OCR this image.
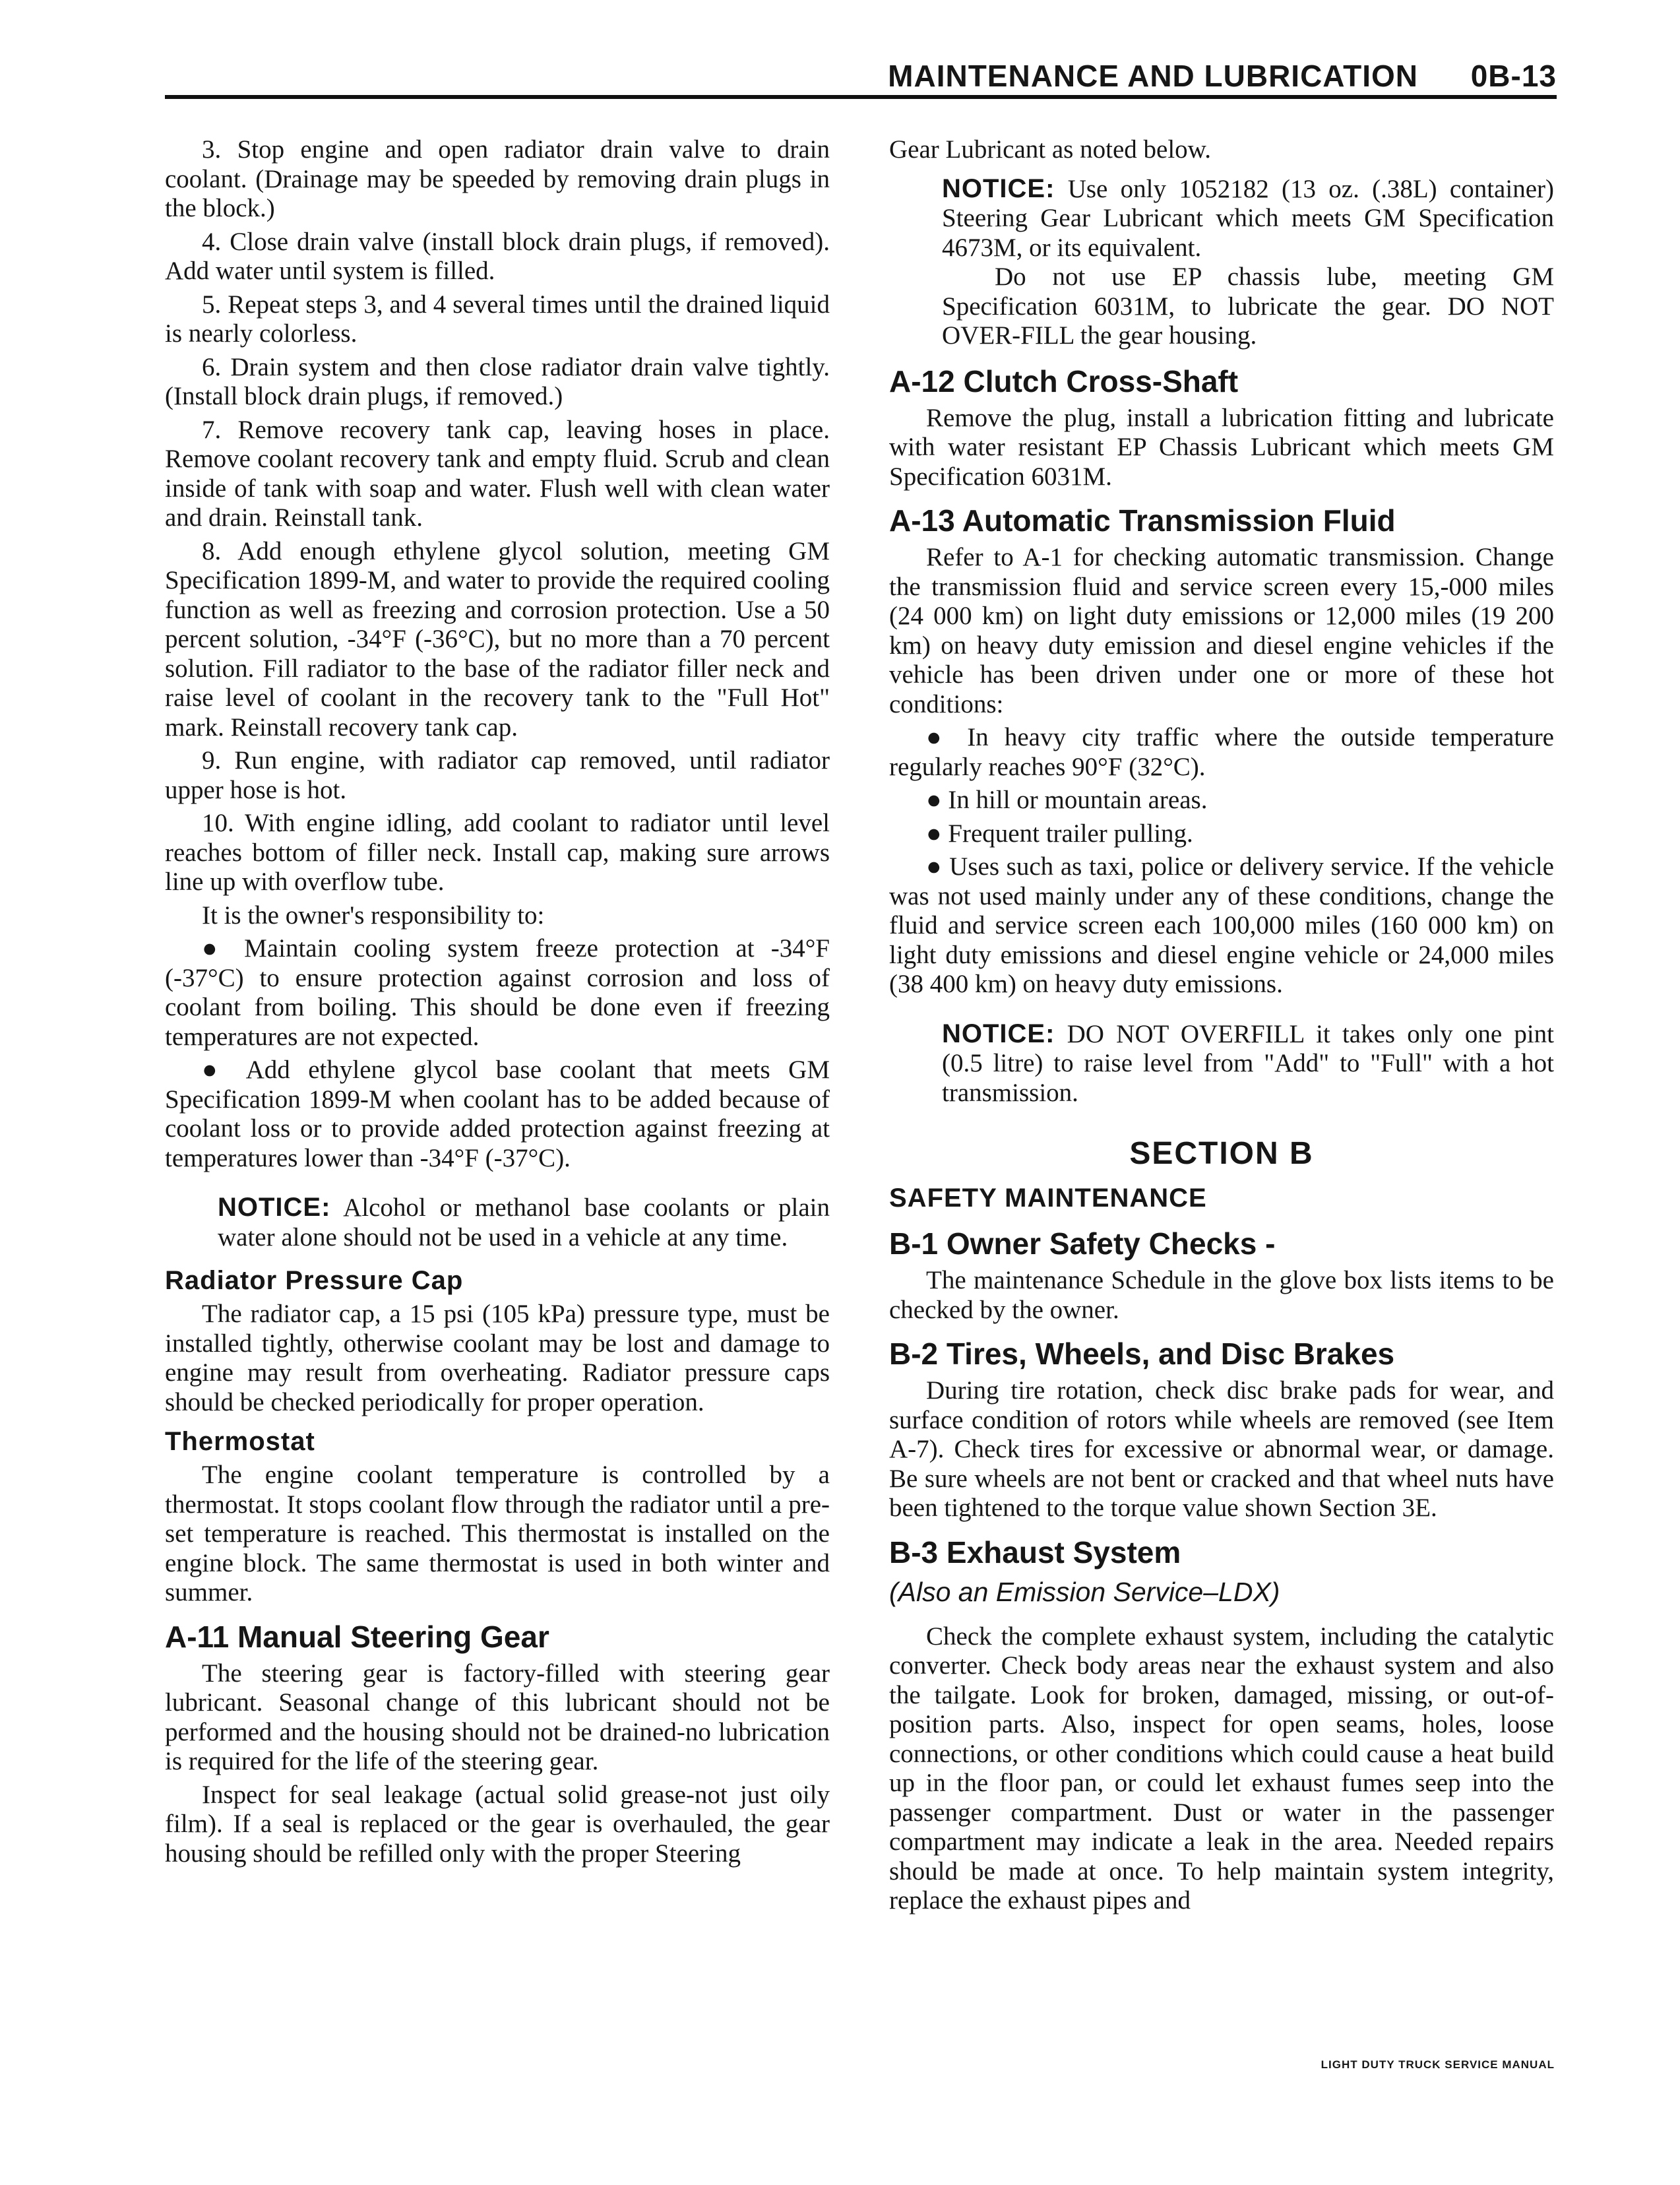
MAINTENANCE AND LUBRICATION 0B-13
3. Stop engine and open radiator drain valve to drain coolant. (Drainage may be speeded by removing drain plugs in the block.)
4. Close drain valve (install block drain plugs, if removed). Add water until system is filled.
5. Repeat steps 3, and 4 several times until the drained liquid is nearly colorless.
6. Drain system and then close radiator drain valve tightly. (Install block drain plugs, if removed.)
7. Remove recovery tank cap, leaving hoses in place. Remove coolant recovery tank and empty fluid. Scrub and clean inside of tank with soap and water. Flush well with clean water and drain. Reinstall tank.
8. Add enough ethylene glycol solution, meeting GM Specification 1899-M, and water to provide the required cooling function as well as freezing and corrosion protection. Use a 50 percent solution, -34°F (-36°C), but no more than a 70 percent solution. Fill radiator to the base of the radiator filler neck and raise level of coolant in the recovery tank to the "Full Hot" mark. Reinstall recovery tank cap.
9. Run engine, with radiator cap removed, until radiator upper hose is hot.
10. With engine idling, add coolant to radiator until level reaches bottom of filler neck. Install cap, making sure arrows line up with overflow tube.
It is the owner's responsibility to:
● Maintain cooling system freeze protection at -34°F (-37°C) to ensure protection against corrosion and loss of coolant from boiling. This should be done even if freezing temperatures are not expected.
● Add ethylene glycol base coolant that meets GM Specification 1899-M when coolant has to be added because of coolant loss or to provide added protection against freezing at temperatures lower than -34°F (-37°C).
NOTICE: Alcohol or methanol base coolants or plain water alone should not be used in a vehicle at any time.
Radiator Pressure Cap
The radiator cap, a 15 psi (105 kPa) pressure type, must be installed tightly, otherwise coolant may be lost and damage to engine may result from overheating. Radiator pressure caps should be checked periodically for proper operation.
Thermostat
The engine coolant temperature is controlled by a thermostat. It stops coolant flow through the radiator until a pre-set temperature is reached. This thermostat is installed on the engine block. The same thermostat is used in both winter and summer.
A-11 Manual Steering Gear
The steering gear is factory-filled with steering gear lubricant. Seasonal change of this lubricant should not be performed and the housing should not be drained-no lubrication is required for the life of the steering gear.
Inspect for seal leakage (actual solid grease-not just oily film). If a seal is replaced or the gear is overhauled, the gear housing should be refilled only with the proper Steering
Gear Lubricant as noted below.
NOTICE: Use only 1052182 (13 oz. (.38L) container) Steering Gear Lubricant which meets GM Specification 4673M, or its equivalent.
Do not use EP chassis lube, meeting GM Specification 6031M, to lubricate the gear. DO NOT OVER-FILL the gear housing.
A-12 Clutch Cross-Shaft
Remove the plug, install a lubrication fitting and lubricate with water resistant EP Chassis Lubricant which meets GM Specification 6031M.
A-13 Automatic Transmission Fluid
Refer to A-1 for checking automatic transmission. Change the transmission fluid and service screen every 15,-000 miles (24 000 km) on light duty emissions or 12,000 miles (19 200 km) on heavy duty emission and diesel engine vehicles if the vehicle has been driven under one or more of these hot conditions:
● In heavy city traffic where the outside temperature regularly reaches 90°F (32°C).
● In hill or mountain areas.
● Frequent trailer pulling.
● Uses such as taxi, police or delivery service. If the vehicle was not used mainly under any of these conditions, change the fluid and service screen each 100,000 miles (160 000 km) on light duty emissions and diesel engine vehicle or 24,000 miles (38 400 km) on heavy duty emissions.
NOTICE: DO NOT OVERFILL it takes only one pint (0.5 litre) to raise level from "Add" to "Full" with a hot transmission.
SECTION B
SAFETY MAINTENANCE
B-1 Owner Safety Checks -
The maintenance Schedule in the glove box lists items to be checked by the owner.
B-2 Tires, Wheels, and Disc Brakes
During tire rotation, check disc brake pads for wear, and surface condition of rotors while wheels are removed (see Item A-7). Check tires for excessive or abnormal wear, or damage. Be sure wheels are not bent or cracked and that wheel nuts have been tightened to the torque value shown Section 3E.
B-3 Exhaust System
(Also an Emission Service–LDX)
Check the complete exhaust system, including the catalytic converter. Check body areas near the exhaust system and also the tailgate. Look for broken, damaged, missing, or out-of-position parts. Also, inspect for open seams, holes, loose connections, or other conditions which could cause a heat build up in the floor pan, or could let exhaust fumes seep into the passenger compartment. Dust or water in the passenger compartment may indicate a leak in the area. Needed repairs should be made at once. To help maintain system integrity, replace the exhaust pipes and
LIGHT DUTY TRUCK SERVICE MANUAL
